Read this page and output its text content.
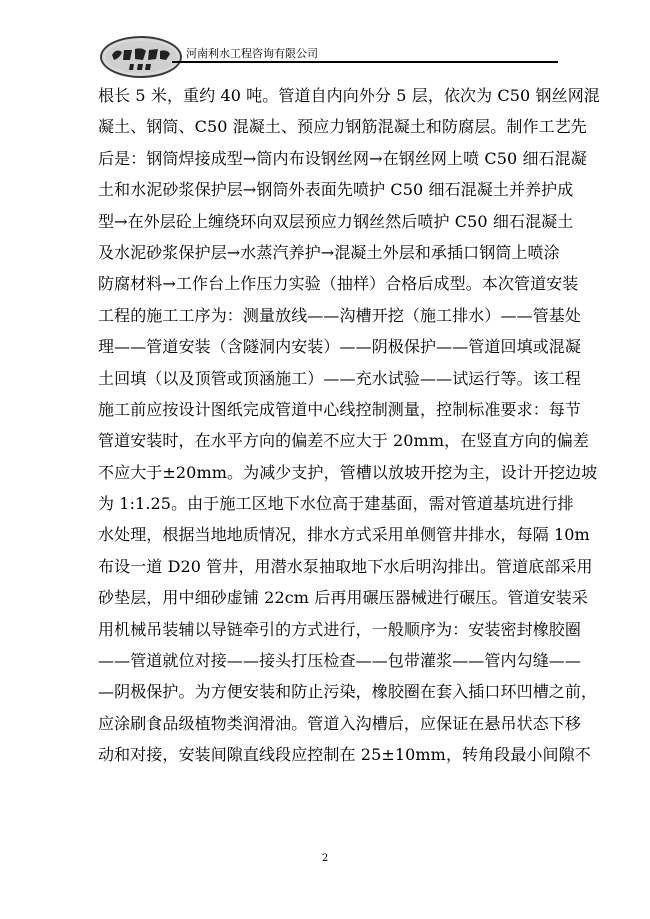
河南利水工程咨询有限公司
根长 5 米，重约 40 吨。管道自内向外分 5 层，依次为 C50 钢丝网混
凝土、钢筒、C50 混凝土、预应力钢筋混凝土和防腐层。制作工艺先
后是：钢筒焊接成型→筒内布设钢丝网→在钢丝网上喷 C50 细石混凝
土和水泥砂浆保护层→钢筒外表面先喷护 C50 细石混凝土并养护成
型→在外层砼上缠绕环向双层预应力钢丝然后喷护 C50 细石混凝土
及水泥砂浆保护层→水蒸汽养护→混凝土外层和承插口钢筒上喷涂
防腐材料→工作台上作压力实验（抽样）合格后成型。本次管道安装
工程的施工工序为：测量放线——沟槽开挖（施工排水）——管基处
理——管道安装（含隧洞内安装）——阴极保护——管道回填或混凝
土回填（以及顶管或顶涵施工）——充水试验——试运行等。该工程
施工前应按设计图纸完成管道中心线控制测量，控制标准要求：每节
管道安装时，在水平方向的偏差不应大于 20mm，在竖直方向的偏差
不应大于±20mm。为减少支护，管槽以放坡开挖为主，设计开挖边坡
为 1:1.25。由于施工区地下水位高于建基面，需对管道基坑进行排
水处理，根据当地地质情况，排水方式采用单侧管井排水，每隔 10m
布设一道 D20 管井，用潜水泵抽取地下水后明沟排出。管道底部采用
砂垫层，用中细砂虚铺 22cm 后再用碾压器械进行碾压。管道安装采
用机械吊装辅以导链牵引的方式进行，一般顺序为：安装密封橡胶圈
——管道就位对接——接头打压检查——包带灌浆——管内勾缝——
—阴极保护。为方便安装和防止污染，橡胶圈在套入插口环凹槽之前，
应涂刷食品级植物类润滑油。管道入沟槽后，应保证在悬吊状态下移
动和对接，安装间隙直线段应控制在 25±10mm，转角段最小间隙不
2
